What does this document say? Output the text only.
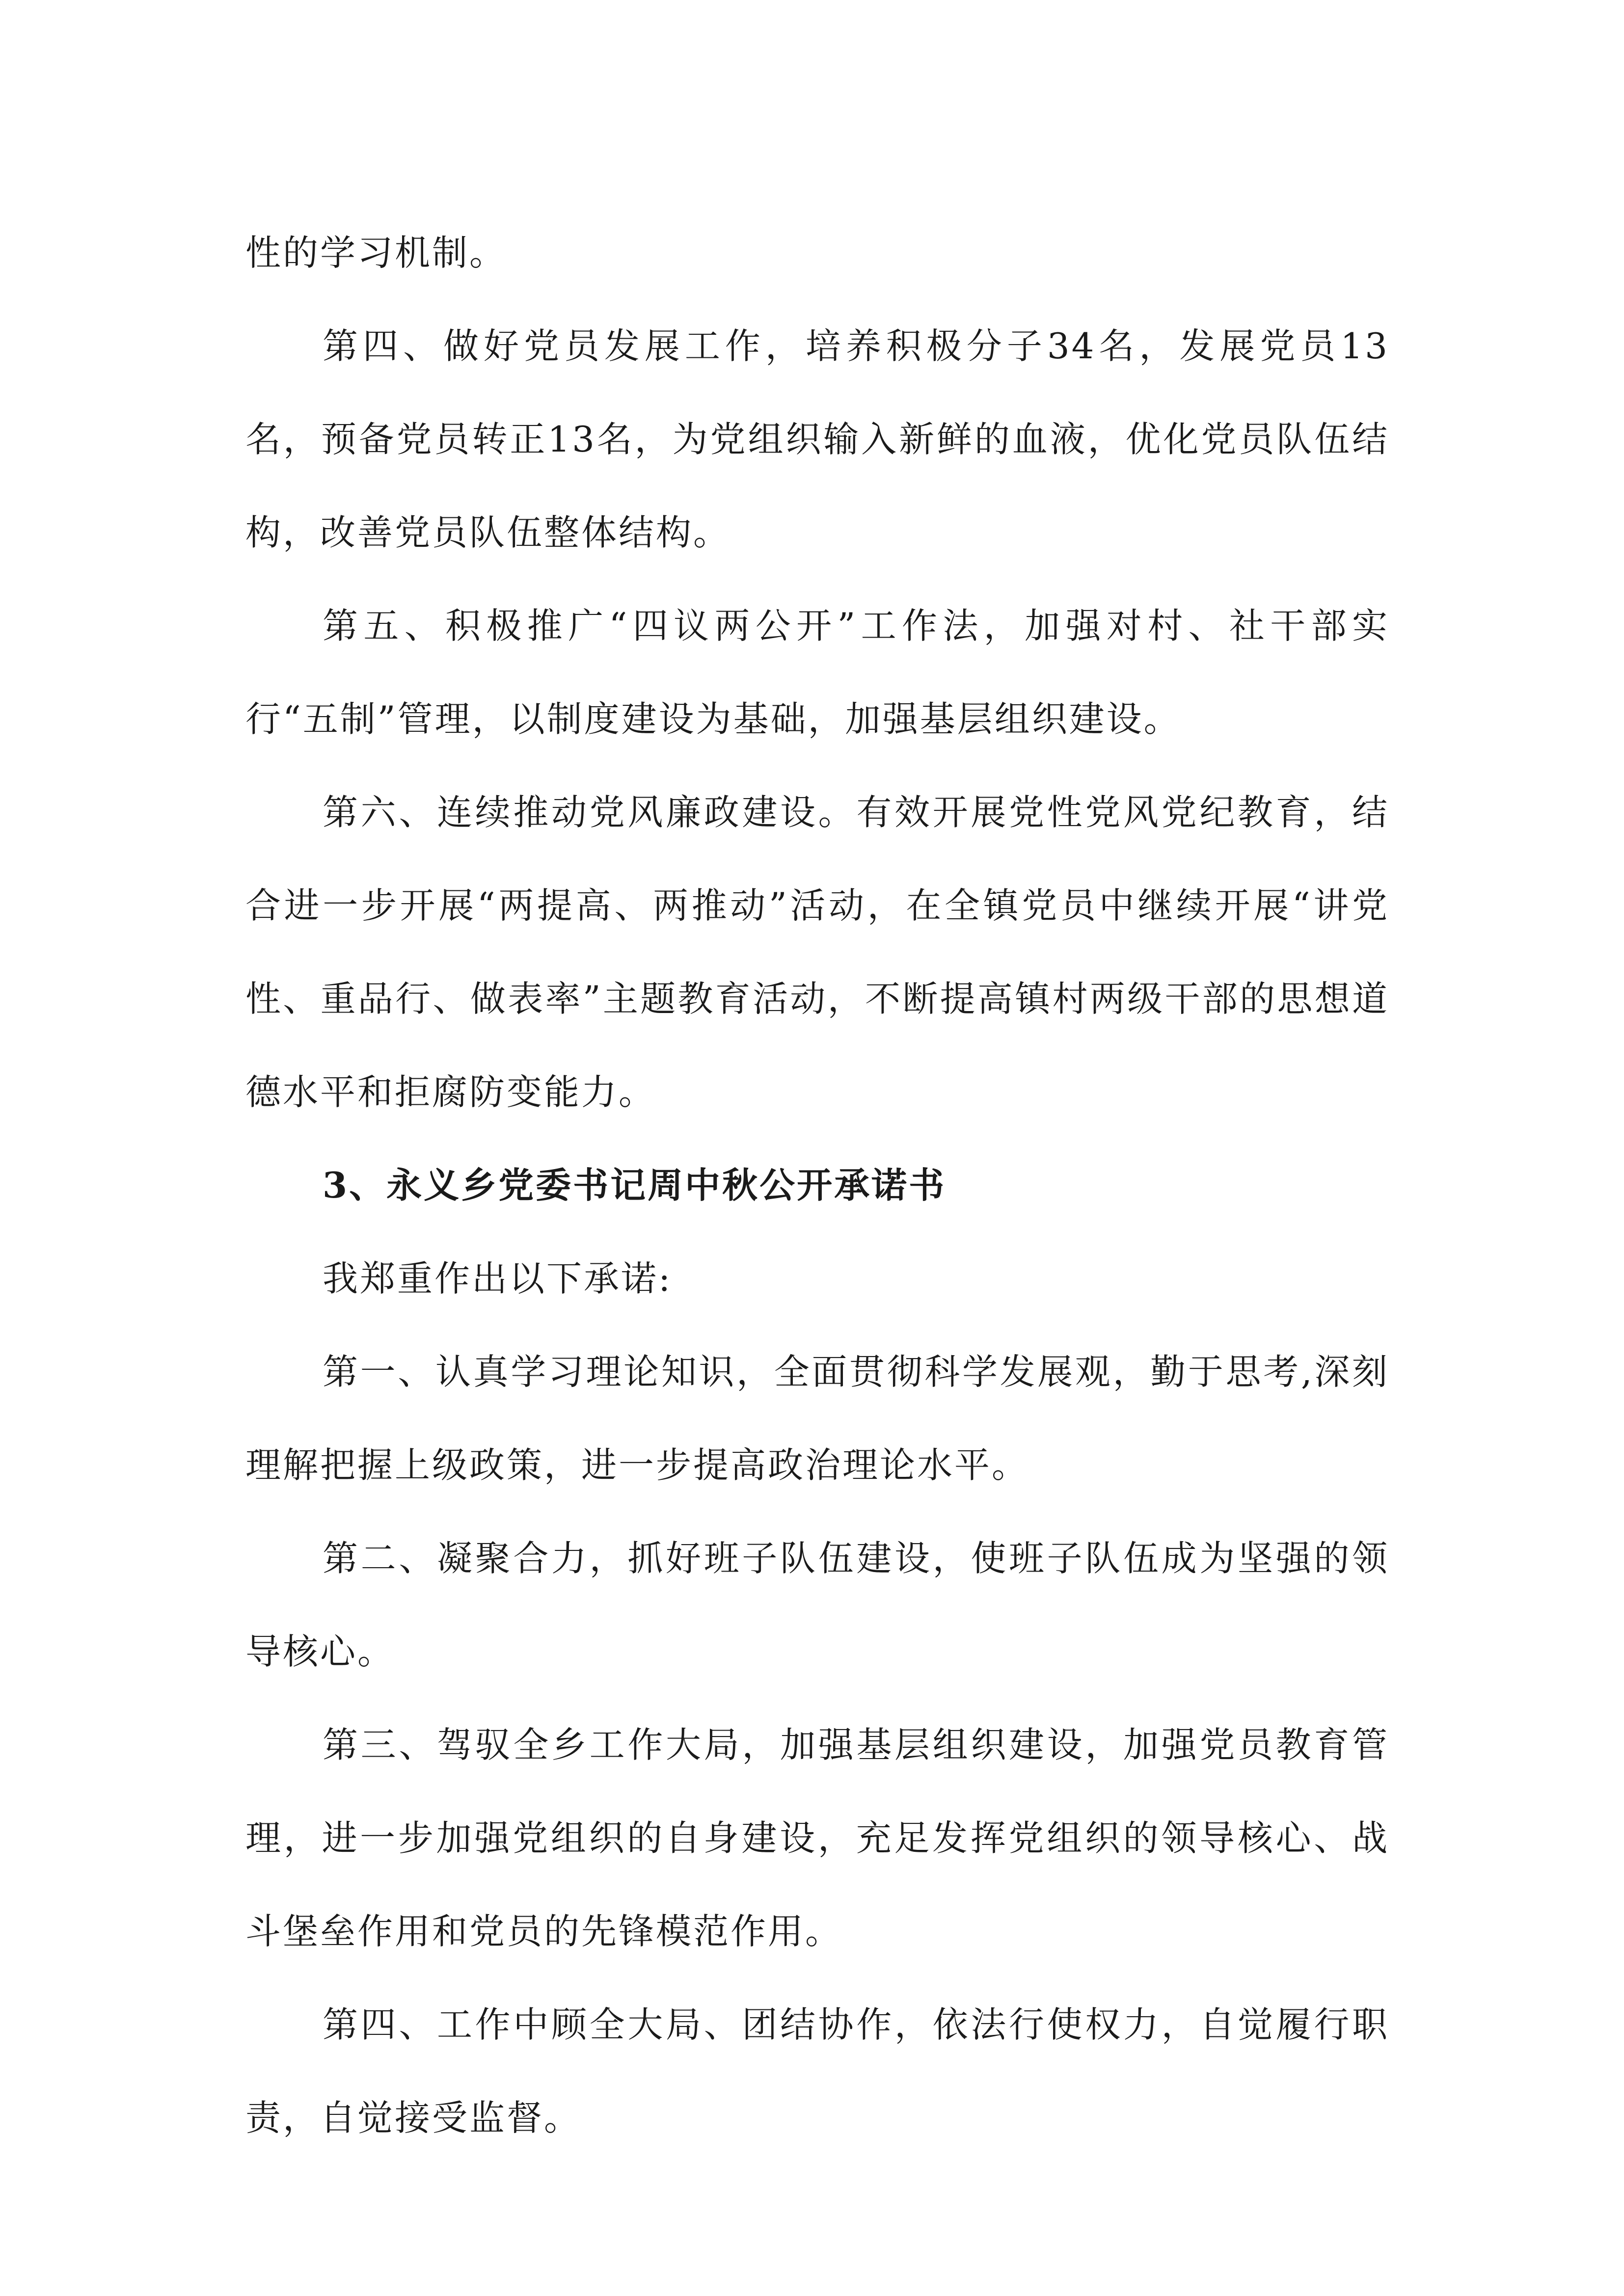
性的学习机制。

第四、做好党员发展工作，培养积极分子34名，发展党员13名，预备党员转正13名，为党组织输入新鲜的血液，优化党员队伍结构，改善党员队伍整体结构。

第五、积极推广“四议两公开”工作法，加强对村、社干部实行“五制”管理，以制度建设为基础，加强基层组织建设。

第六、连续推动党风廉政建设。有效开展党性党风党纪教育，结合进一步开展“两提高、两推动”活动，在全镇党员中继续开展“讲党性、重品行、做表率”主题教育活动，不断提高镇村两级干部的思想道德水平和拒腐防变能力。

3、永义乡党委书记周中秋公开承诺书

我郑重作出以下承诺:

第一、认真学习理论知识，全面贯彻科学发展观，勤于思考,深刻理解把握上级政策，进一步提高政治理论水平。

第二、凝聚合力，抓好班子队伍建设，使班子队伍成为坚强的领导核心。

第三、驾驭全乡工作大局，加强基层组织建设，加强党员教育管理，进一步加强党组织的自身建设，充足发挥党组织的领导核心、战斗堡垒作用和党员的先锋模范作用。

第四、工作中顾全大局、团结协作，依法行使权力，自觉履行职责，自觉接受监督。
